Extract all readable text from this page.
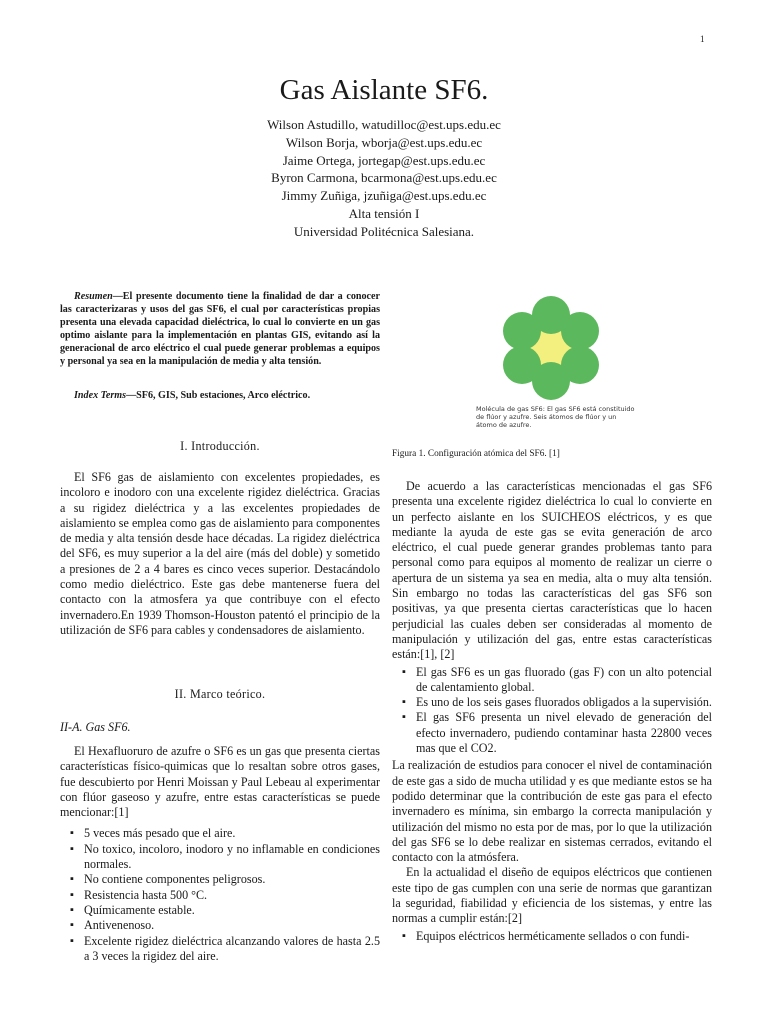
1
Gas Aislante SF6.
Wilson Astudillo, watudilloc@est.ups.edu.ec
Wilson Borja, wborja@est.ups.edu.ec
Jaime Ortega, jortegap@est.ups.edu.ec
Byron Carmona, bcarmona@est.ups.edu.ec
Jimmy Zuñiga, jzuñiga@est.ups.edu.ec
Alta tensión I
Universidad Politécnica Salesiana.
Resumen—El presente documento tiene la finalidad de dar a conocer las caracterizaras y usos del gas SF6, el cual por características propias presenta una elevada capacidad dieléctrica, lo cual lo convierte en un gas optimo aislante para la implementación en plantas GIS, evitando así la generacional de arco eléctrico el cual puede generar problemas a equipos y personal ya sea en la manipulación de media y alta tensión.
Index Terms—SF6, GIS, Sub estaciones, Arco eléctrico.
I. Introducción.

El SF6 gas de aislamiento con excelentes propiedades, es incoloro e inodoro con una excelente rigidez dieléctrica. Gracias a su rigidez dieléctrica y a las excelentes propiedades de aislamiento se emplea como gas de aislamiento para componentes de media y alta tensión desde hace décadas. La rigidez dieléctrica del SF6, es muy superior a la del aire (más del doble) y sometido a presiones de 2 a 4 bares es cinco veces superior. Destacándolo como medio dieléctrico. Este gas debe mantenerse fuera del contacto con la atmosfera ya que contribuye con el efecto invernadero.En 1939 Thomson-Houston patentó el principio de la utilización de SF6 para cables y condensadores de aislamiento.

II. Marco teórico.
II-A. Gas SF6.

El Hexafluoruro de azufre o SF6 es un gas que presenta ciertas características físico-quimicas que lo resaltan sobre otros gases, fue descubierto por Henri Moissan y Paul Lebeau al experimentar con flúor gaseoso y azufre, entre estas características se puede mencionar:[1]

▪ 5 veces más pesado que el aire.
▪ No toxico, incoloro, inodoro y no inflamable en condiciones normales.
▪ No contiene componentes peligrosos.
▪ Resistencia hasta 500 °C.
▪ Químicamente estable.
▪ Antivenenoso.
▪ Excelente rigidez dieléctrica alcanzando valores de hasta 2.5 a 3 veces la rigidez del aire.
Molécula de gas SF6: El gas SF6 está constituido de flúor y azufre. Seis átomos de flúor y un átomo de azufre.
Figura 1. Configuración atómica del SF6. [1]

De acuerdo a las características mencionadas el gas SF6 presenta una excelente rigidez dieléctrica lo cual lo convierte en un perfecto aislante en los SUICHEOS eléctricos, y es que mediante la ayuda de este gas se evita generación de arco eléctrico, el cual puede generar grandes problemas tanto para personal como para equipos al momento de realizar un cierre o apertura de un sistema ya sea en media, alta o muy alta tensión. Sin embargo no todas las características del gas SF6 son positivas, ya que presenta ciertas características que lo hacen perjudicial las cuales deben ser consideradas al momento de manipulación y utilización del gas, entre estas características están:[1], [2]

▪ El gas SF6 es un gas fluorado (gas F) con un alto potencial de calentamiento global.
▪ Es uno de los seis gases fluorados obligados a la supervisión.
▪ El gas SF6 presenta un nivel elevado de generación del efecto invernadero, pudiendo contaminar hasta 22800 veces mas que el CO2.

La realización de estudios para conocer el nivel de contaminación de este gas a sido de mucha utilidad y es que mediante estos se ha podido determinar que la contribución de este gas para el efecto invernadero es mínima, sin embargo la correcta manipulación y utilización del mismo no esta por de mas, por lo que la utilización del gas SF6 se lo debe realizar en sistemas cerrados, evitando el contacto con la atmósfera.

En la actualidad el diseño de equipos eléctricos que contienen este tipo de gas cumplen con una serie de normas que garantizan la seguridad, fiabilidad y eficiencia de los sistemas, y entre las normas a cumplir están:[2]

▪ Equipos eléctricos herméticamente sellados o con fundi-
